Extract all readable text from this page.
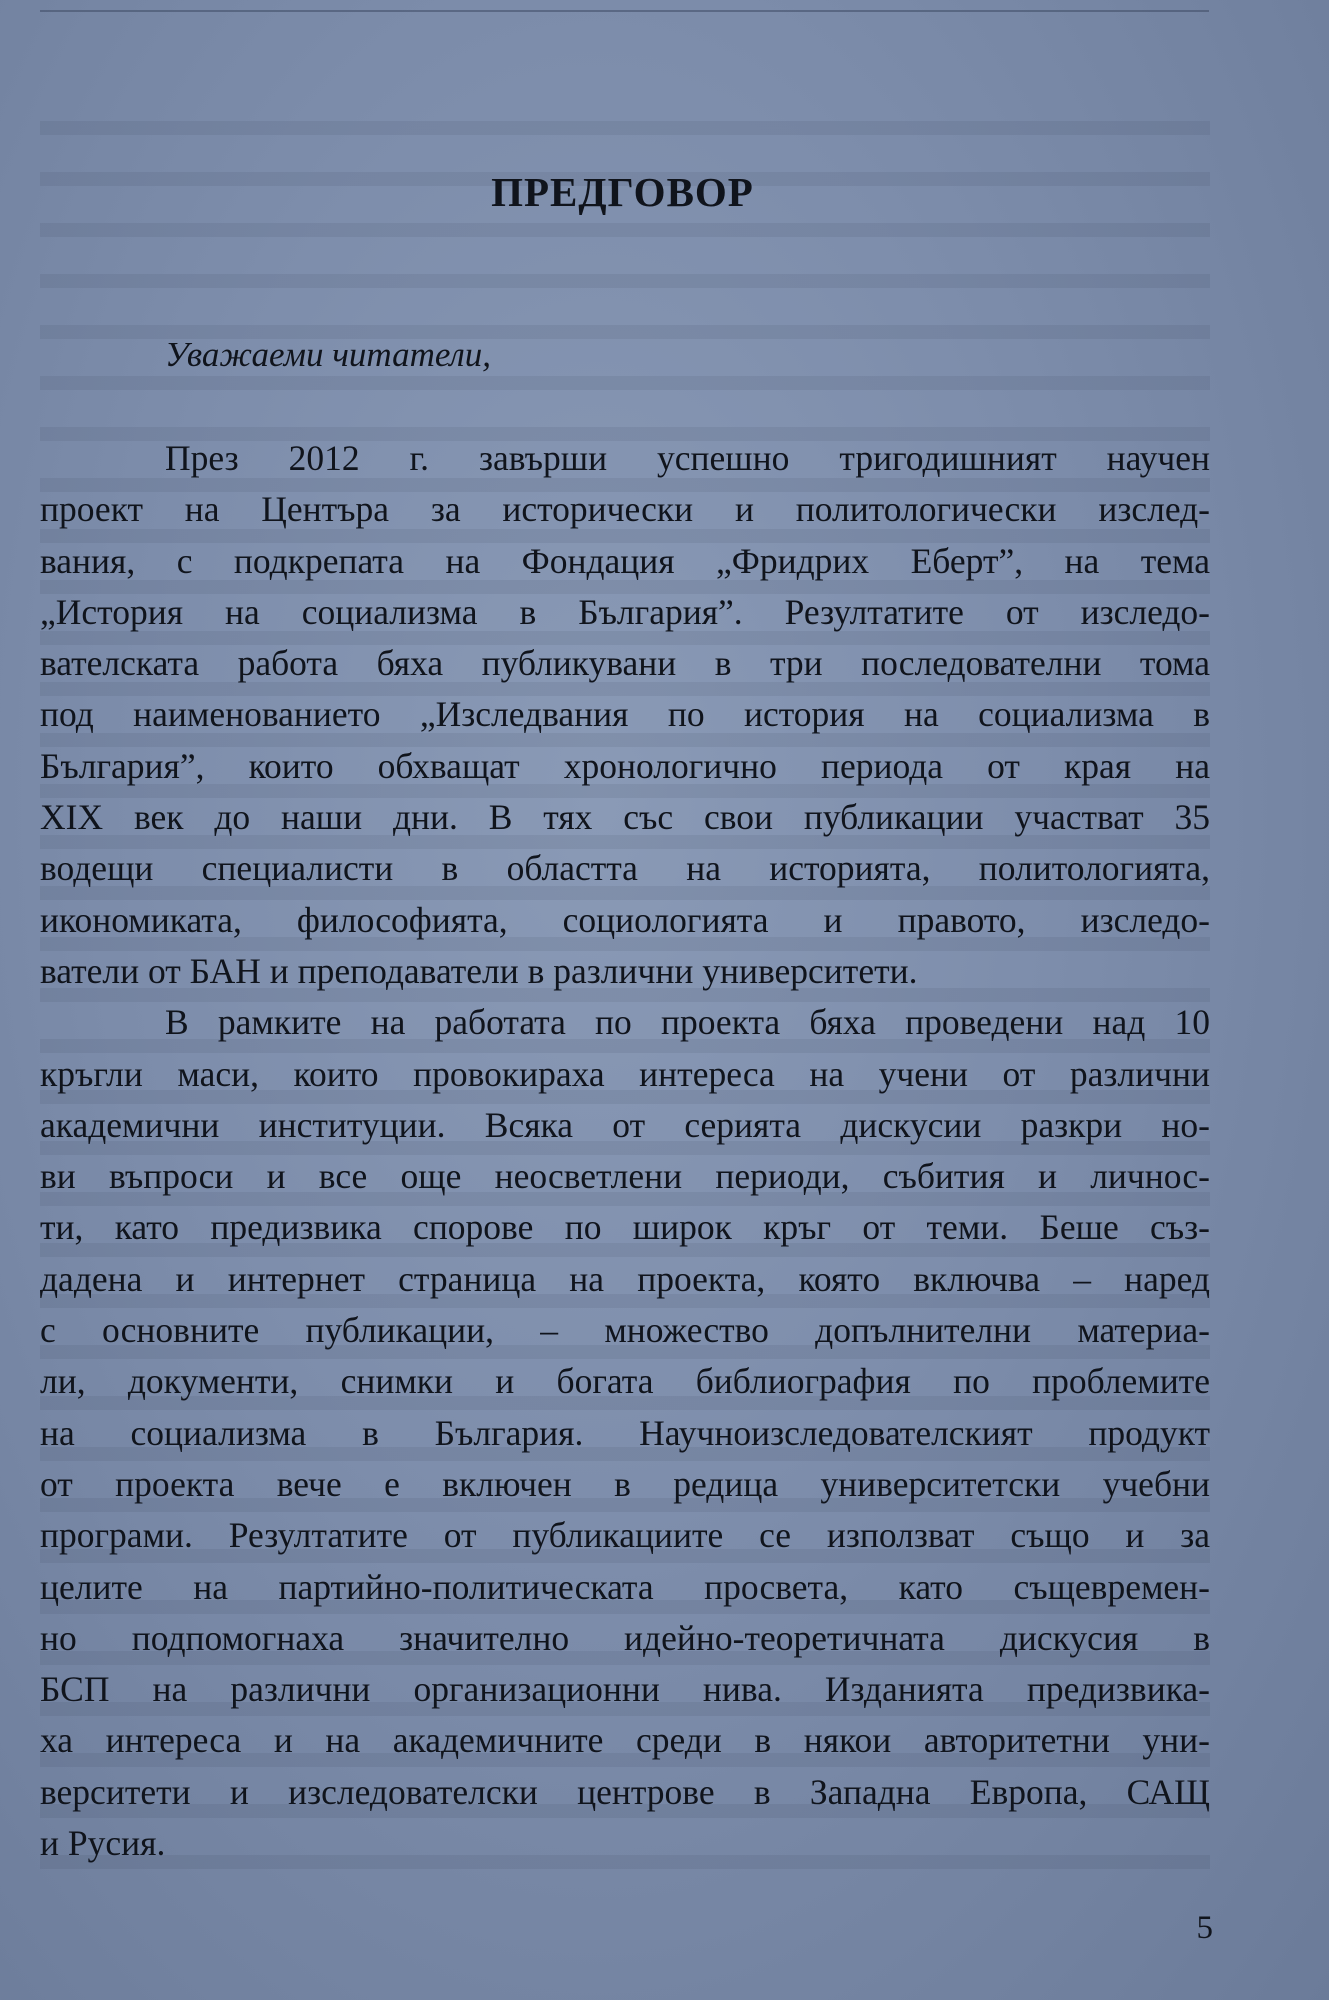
ПРЕДГОВОР

Уважаеми читатели,

През 2012 г. завърши успешно тригодишният научен
проект на Центъра за исторически и политологически изслед-
вания, с подкрепата на Фондация „Фридрих Еберт”, на тема
„История на социализма в България”. Резултатите от изследо-
вателската работа бяха публикувани в три последователни тома
под наименованието „Изследвания по история на социализма в
България”, които обхващат хронологично периода от края на
XIX век до наши дни. В тях със свои публикации участват 35
водещи специалисти в областта на историята, политологията,
икономиката, философията, социологията и правото, изследо-
ватели от БАН и преподаватели в различни университети.
В рамките на работата по проекта бяха проведени над 10
кръгли маси, които провокираха интереса на учени от различни
академични институции. Всяка от серията дискусии разкри но-
ви въпроси и все още неосветлени периоди, събития и личнос-
ти, като предизвика спорове по широк кръг от теми. Беше съз-
дадена и интернет страница на проекта, която включва – наред
с основните публикации, – множество допълнителни материа-
ли, документи, снимки и богата библиография по проблемите
на социализма в България. Научноизследователският продукт
от проекта вече е включен в редица университетски учебни
програми. Резултатите от публикациите се използват също и за
целите на партийно-политическата просвета, като същевремен-
но подпомогнаха значително идейно-теоретичната дискусия в
БСП на различни организационни нива. Изданията предизвика-
ха интереса и на академичните среди в някои авторитетни уни-
верситети и изследователски центрове в Западна Европа, САЩ
и Русия.

5
